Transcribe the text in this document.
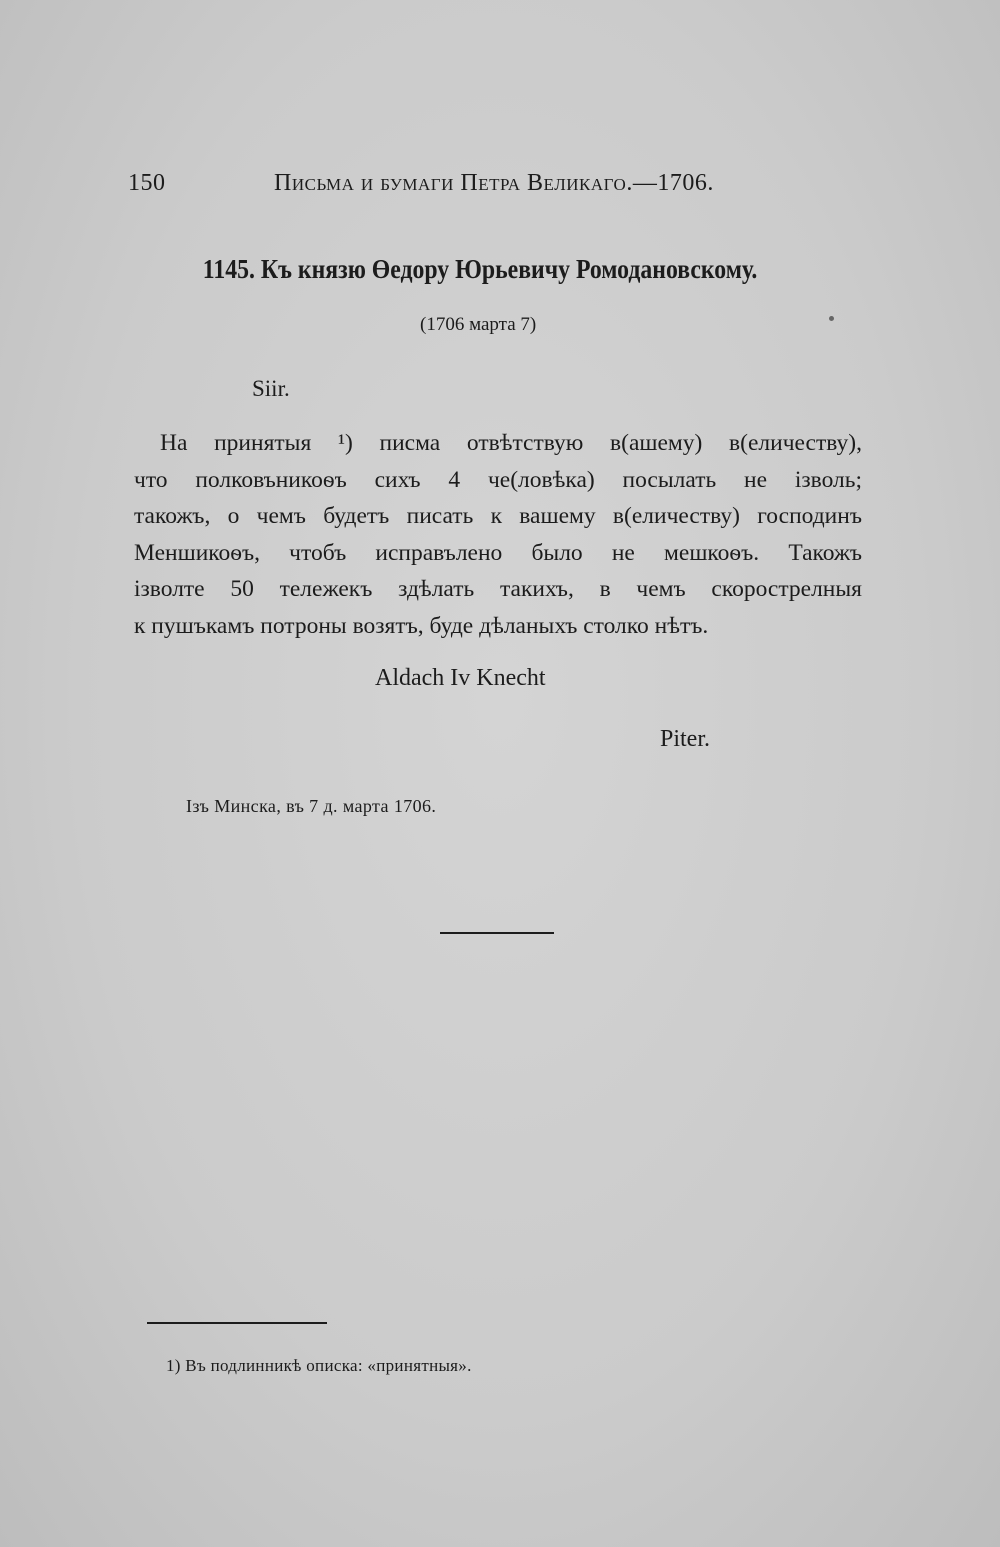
150	Письма и бумаги Петра Великаго.—1706.
1145. Къ князю Өедору Юрьевичу Ромодановскому.
(1706 марта 7)
Siir.
На принятыя ¹) писма отвѣтствую в(ашему) в(еличеству),
что полковъникоѳъ сихъ 4 че(ловѣка) посылать не ізволь;
такожъ, о чемъ будетъ писать к вашему в(еличеству) господинъ
Меншикоѳъ, чтобъ исправълено было не мешкоѳъ. Такожъ
ізволте 50 тележекъ здѣлать такихъ, в чемъ скорострелныя
к пушъкамъ потроны возятъ, буде дѣланыхъ столко нѣтъ.
Aldach Iv Knecht
Piter.
Ізъ Минска, въ 7 д. марта 1706.
1) Въ подлинникѣ описка: «принятныя».
